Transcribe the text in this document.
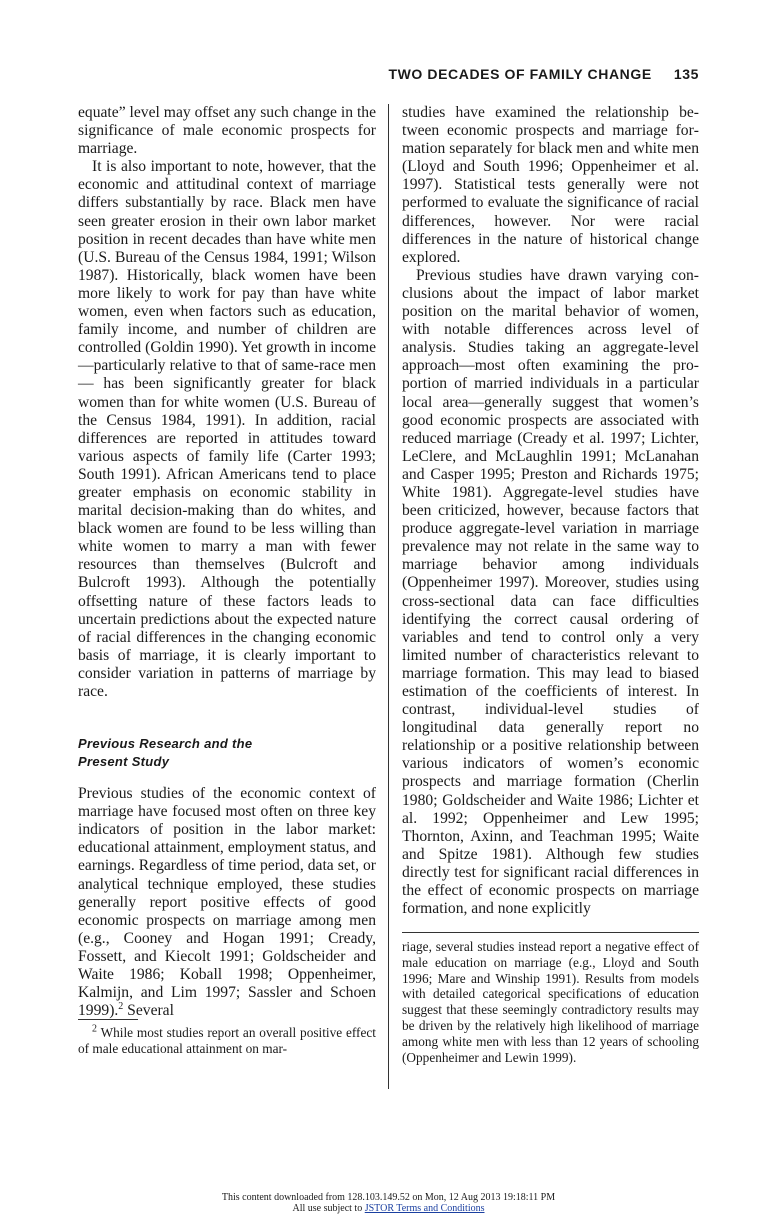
TWO DECADES OF FAMILY CHANGE 135

equate” level may offset any such change in the significance of male economic prospects for marriage.

It is also important to note, however, that the economic and attitudinal context of marriage differs substantially by race. Black men have seen greater erosion in their own labor market position in recent decades than have white men (U.S. Bureau of the Census 1984, 1991; Wilson 1987). Historically, black women have been more likely to work for pay than have white women, even when factors such as education, family income, and number of children are controlled (Goldin 1990). Yet growth in income—particularly relative to that of same-race men— has been significantly greater for black women than for white women (U.S. Bureau of the Census 1984, 1991). In addition, racial differences are reported in attitudes toward various aspects of family life (Carter 1993; South 1991). African Americans tend to place greater emphasis on economic stability in marital decision-making than do whites, and black women are found to be less willing than white women to marry a man with fewer resources than themselves (Bulcroft and Bulcroft 1993). Although the potentially offsetting nature of these factors leads to uncertain predictions about the expected nature of racial differences in the changing economic basis of marriage, it is clearly important to consider variation in patterns of marriage by race.

Previous Research and the
Present Study

Previous studies of the economic context of marriage have focused most often on three key indicators of position in the labor market: educational attainment, employment status, and earnings. Regardless of time period, data set, or analytical technique employed, these studies generally report positive effects of good economic prospects on marriage among men (e.g., Cooney and Hogan 1991; Cready, Fossett, and Kiecolt 1991; Goldscheider and Waite 1986; Koball 1998; Oppenheimer, Kalmijn, and Lim 1997; Sassler and Schoen 1999).$^2$ Several

studies have examined the relationship between economic prospects and marriage formation separately for black men and white men (Lloyd and South 1996; Oppenheimer et al. 1997). Statistical tests generally were not performed to evaluate the significance of racial differences, however. Nor were racial differences in the nature of historical change explored.

Previous studies have drawn varying conclusions about the impact of labor market position on the marital behavior of women, with notable differences across level of analysis. Studies taking an aggregate-level approach—most often examining the proportion of married individuals in a particular local area—generally suggest that women’s good economic prospects are associated with reduced marriage (Cready et al. 1997; Lichter, LeClere, and McLaughlin 1991; McLanahan and Casper 1995; Preston and Richards 1975; White 1981). Aggregate-level studies have been criticized, however, because factors that produce aggregate-level variation in marriage prevalence may not relate in the same way to marriage behavior among individuals (Oppenheimer 1997). Moreover, studies using cross-sectional data can face difficulties identifying the correct causal ordering of variables and tend to control only a very limited number of characteristics relevant to marriage formation. This may lead to biased estimation of the coefficients of interest. In contrast, individual-level studies of longitudinal data generally report no relationship or a positive relationship between various indicators of women’s economic prospects and marriage formation (Cherlin 1980; Goldscheider and Waite 1986; Lichter et al. 1992; Oppenheimer and Lew 1995; Thornton, Axinn, and Teachman 1995; Waite and Spitze 1981). Although few studies directly test for significant racial differences in the effect of economic prospects on marriage formation, and none explicitly

$^2$ While most studies report an overall positive effect of male educational attainment on mar-
riage, several studies instead report a negative effect of male education on marriage (e.g., Lloyd and South 1996; Mare and Winship 1991). Results from models with detailed categorical specifications of education suggest that these seemingly contradictory results may be driven by the relatively high likelihood of marriage among white men with less than 12 years of schooling (Oppenheimer and Lewin 1999).
This content downloaded from 128.103.149.52 on Mon, 12 Aug 2013 19:18:11 PM
All use subject to JSTOR Terms and Conditions
